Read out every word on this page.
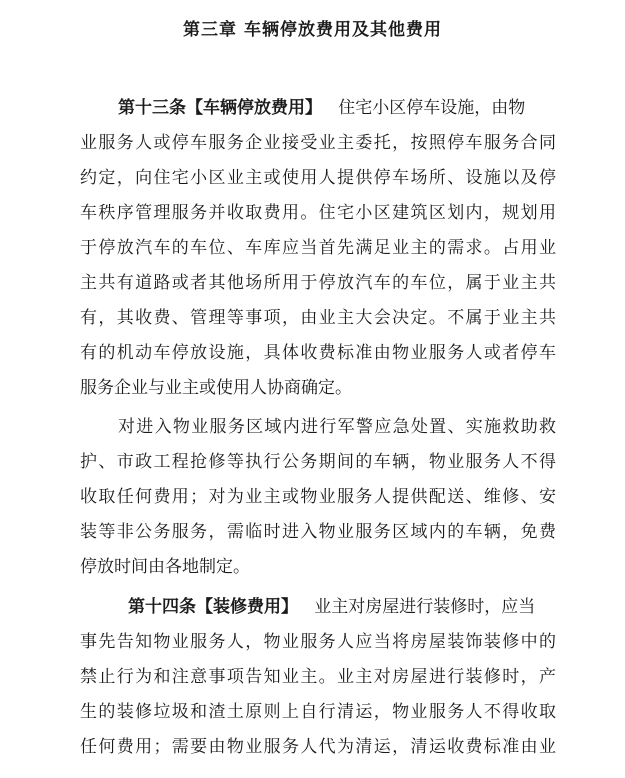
第三章 车辆停放费用及其他费用
第十三条【车辆停放费用】 住宅小区停车设施，由物
业服务人或停车服务企业接受业主委托，按照停车服务合同
约定，向住宅小区业主或使用人提供停车场所、设施以及停
车秩序管理服务并收取费用。住宅小区建筑区划内，规划用
于停放汽车的车位、车库应当首先满足业主的需求。占用业
主共有道路或者其他场所用于停放汽车的车位，属于业主共
有，其收费、管理等事项，由业主大会决定。不属于业主共
有的机动车停放设施，具体收费标准由物业服务人或者停车
服务企业与业主或使用人协商确定。
对进入物业服务区域内进行军警应急处置、实施救助救
护、市政工程抢修等执行公务期间的车辆，物业服务人不得
收取任何费用；对为业主或物业服务人提供配送、维修、安
装等非公务服务，需临时进入物业服务区域内的车辆，免费
停放时间由各地制定。
第十四条【装修费用】 业主对房屋进行装修时，应当
事先告知物业服务人，物业服务人应当将房屋装饰装修中的
禁止行为和注意事项告知业主。业主对房屋进行装修时，产
生的装修垃圾和渣土原则上自行清运，物业服务人不得收取
任何费用；需要由物业服务人代为清运，清运收费标准由业
